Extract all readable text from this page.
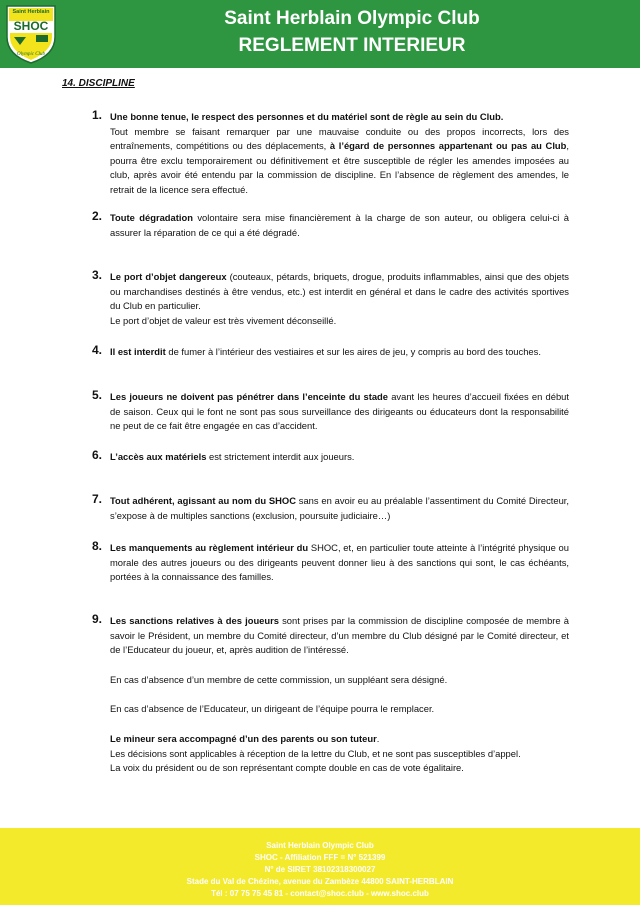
Saint Herblain
SHOC
Olympic Club
Saint Herblain Olympic Club
REGLEMENT INTERIEUR
14. DISCIPLINE
1. Une bonne tenue, le respect des personnes et du matériel sont de règle au sein du Club.

Tout membre se faisant remarquer par une mauvaise conduite ou des propos incorrects, lors des entraînements, compétitions ou des déplacements, à l’égard de personnes appartenant ou pas au Club, pourra être exclu temporairement ou définitivement et être susceptible de régler les amendes imposées au club, après avoir été entendu par la commission de discipline. En l’absence de règlement des amendes, le retrait de la licence sera effectué.

2. Toute dégradation volontaire sera mise financièrement à la charge de son auteur, ou obligera celui-ci à assurer la réparation de ce qui a été dégradé.

3. Le port d’objet dangereux (couteaux, pétards, briquets, drogue, produits inflammables, ainsi que des objets ou marchandises destinés à être vendus, etc.) est interdit en général et dans le cadre des activités sportives du Club en particulier.

Le port d’objet de valeur est très vivement déconseillé.

4. Il est interdit de fumer à l’intérieur des vestiaires et sur les aires de jeu, y compris au bord des touches.

5. Les joueurs ne doivent pas pénétrer dans l’enceinte du stade avant les heures d’accueil fixées en début de saison. Ceux qui le font ne sont pas sous surveillance des dirigeants ou éducateurs dont la responsabilité ne peut de ce fait être engagée en cas d’accident.

6. L’accès aux matériels est strictement interdit aux joueurs.

7. Tout adhérent, agissant au nom du SHOC sans en avoir eu au préalable l’assentiment du Comité Directeur, s’expose à de multiples sanctions (exclusion, poursuite judiciaire…)

8. Les manquements au règlement intérieur du SHOC, et, en particulier toute atteinte à l’intégrité physique ou morale des autres joueurs ou des dirigeants peuvent donner lieu à des sanctions qui sont, le cas échéants, portées à la connaissance des familles.

9. Les sanctions relatives à des joueurs sont prises par la commission de discipline composée de membre à savoir le Président, un membre du Comité directeur, d’un membre du Club désigné par le Comité directeur, et de l’Educateur du joueur, et, après audition de l’intéressé.

En cas d’absence d’un membre de cette commission, un suppléant sera désigné.

En cas d’absence de l’Educateur, un dirigeant de l’équipe pourra le remplacer.

Le mineur sera accompagné d’un des parents ou son tuteur.

Les décisions sont applicables à réception de la lettre du Club, et ne sont pas susceptibles d’appel.

La voix du président ou de son représentant compte double en cas de vote égalitaire.

Saint Herblain Olympic Club
SHOC - Affiliation FFF = N° 521399
N° de SIRET 38102318300027
Stade du Val de Chézine, avenue du Zambèze 44800 SAINT-HERBLAIN
Tél : 07 75 75 45 81 - contact@shoc.club - www.shoc.club
